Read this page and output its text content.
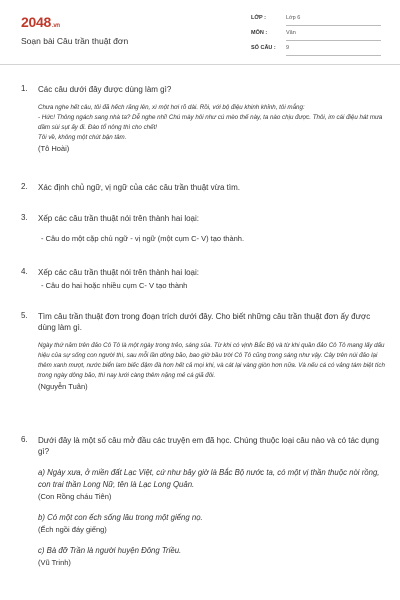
2048.vn
Soạn bài Câu trần thuật đơn
LỚP :	Lớp 6
MÔN :	Văn
SỐ CÂU : 9
1. Các câu dưới đây được dùng làm gì?
Chưa nghe hết câu, tôi đã hếch răng lên, xì một hơi rõ dài. Rồi, với bộ điệu khinh khỉnh, tôi mắng:
- Hức! Thông ngách sang nhà ta? Dễ nghe nhỉ! Chú mày hôi như cú mèo thế này, ta nào chịu được. Thôi, im cái điệu hát mưa dầm sùi sụt ấy đi. Đào tổ nông thì cho chết!
Tôi về, không một chút bận tâm.
(Tô Hoài)
2. Xác định chủ ngữ, vị ngữ của các câu trần thuật vừa tìm.
3. Xếp các câu trần thuật nói trên thành hai loại:
- Câu do một cặp chủ ngữ - vị ngữ (một cụm C- V) tạo thành.
4. Xếp các câu trần thuật nói trên thành hai loại:
- Câu do hai hoặc nhiều cụm C- V tạo thành
5. Tìm câu trần thuật đơn trong đoạn trích dưới đây. Cho biết những câu trần thuật đơn ấy được dùng làm gì.
Ngày thứ năm trên đảo Cô Tô là một ngày trong trẻo, sáng sủa. Từ khi có vịnh Bắc Bộ và từ khi quần đảo Cô Tô mang lấy dấu hiệu của sự sống con người thì, sau mỗi lần dông bão, bao giờ bầu trời Cô Tô cũng trong sáng như vậy. Cây trên núi đảo lại thêm xanh mượt, nước biển lam biếc đậm đà hơn hết cả mọi khi, và cát lại vàng giòn hơn nữa. Và nếu cá có vảng tám biệt tích trong ngày dông bão, thì nay lưới càng thêm nặng mẻ cá giã đôi.
(Nguyễn Tuân)
6. Dưới đây là một số câu mở đầu các truyện em đã học. Chúng thuộc loại câu nào và có tác dụng gì?
a) Ngày xưa, ở miền đất Lạc Việt, cứ như bây giờ là Bắc Bộ nước ta, có một vị thần thuộc nòi rồng, con trai thần Long Nữ, tên là Lạc Long Quân.
(Con Rồng cháu Tiên)
b) Có một con ếch sống lâu trong một giếng nọ.
(Ếch ngồi đáy giếng)
c) Bà đỡ Trần là người huyện Đông Triều.
(Vũ Trinh)
